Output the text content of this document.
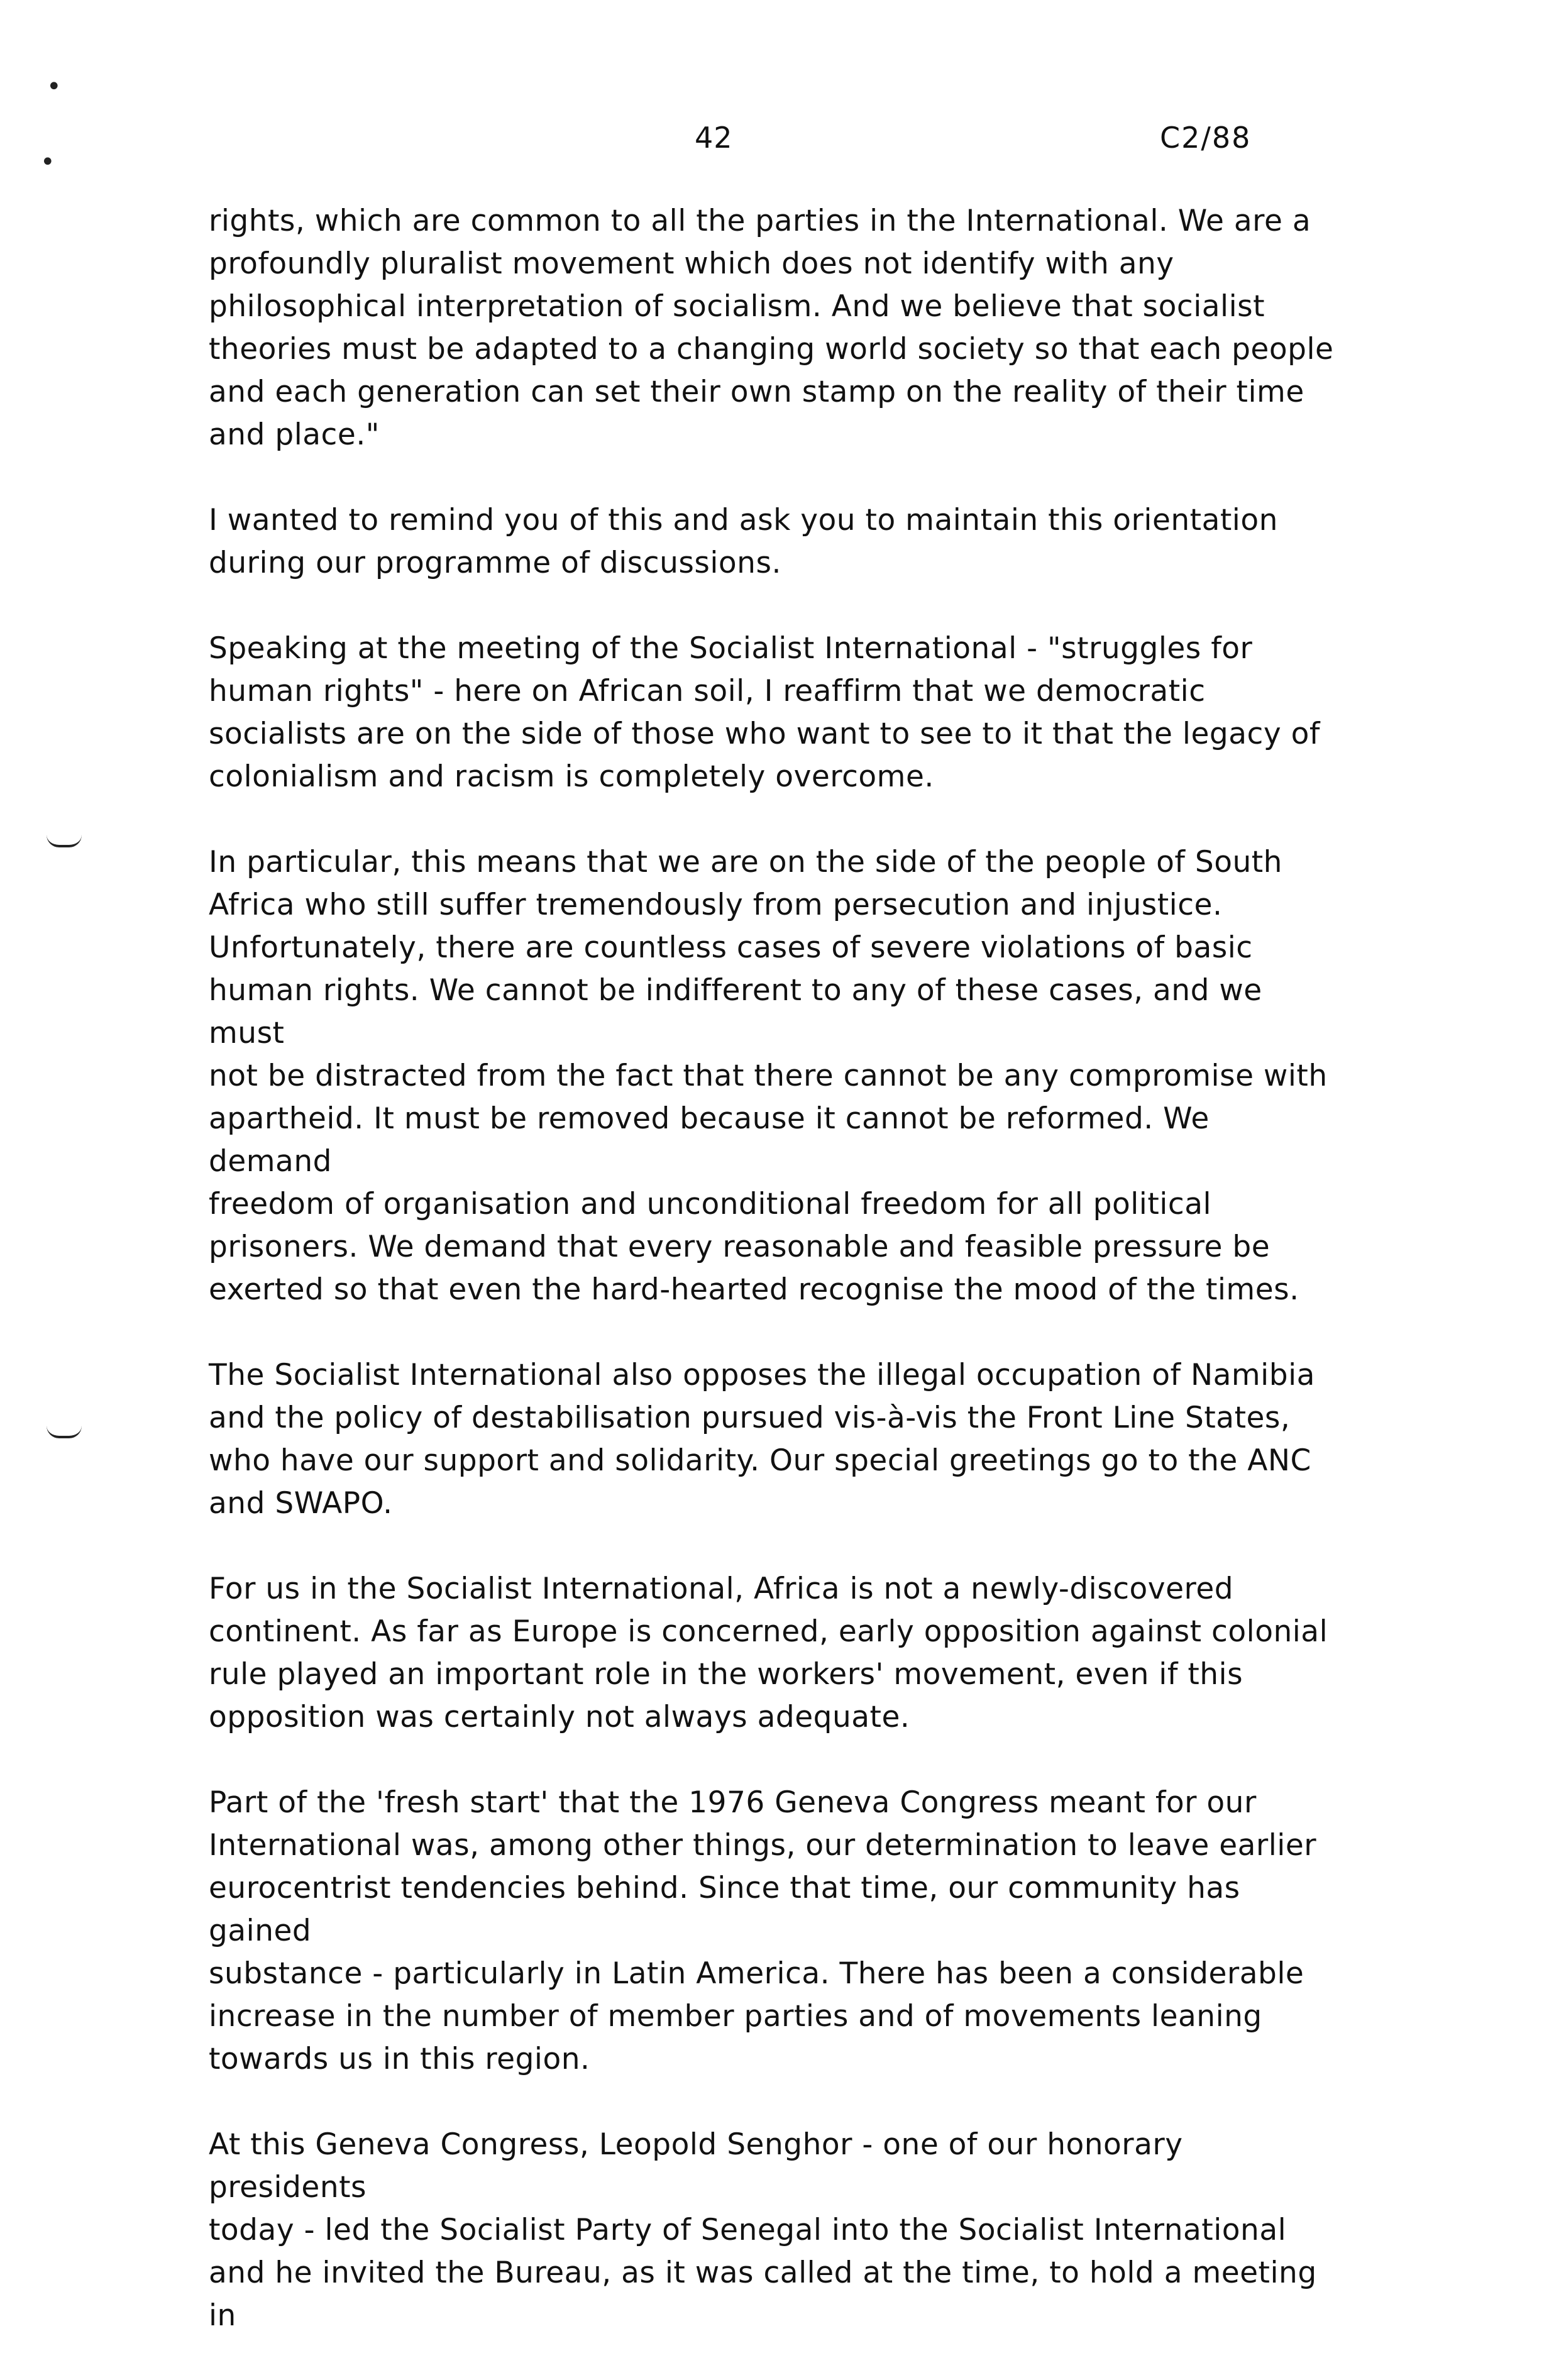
•
•
42	C2/88

rights, which are common to all the parties in the International. We are a
profoundly pluralist movement which does not identify with any
philosophical interpretation of socialism. And we believe that socialist
theories must be adapted to a changing world society so that each people
and each generation can set their own stamp on the reality of their time
and place."

I wanted to remind you of this and ask you to maintain this orientation
during our programme of discussions.

Speaking at the meeting of the Socialist International - "struggles for
human rights" - here on African soil, I reaffirm that we democratic
socialists are on the side of those who want to see to it that the legacy of
colonialism and racism is completely overcome.

In particular, this means that we are on the side of the people of South
Africa who still suffer tremendously from persecution and injustice.
Unfortunately, there are countless cases of severe violations of basic
human rights. We cannot be indifferent to any of these cases, and we must
not be distracted from the fact that there cannot be any compromise with
apartheid. It must be removed because it cannot be reformed. We demand
freedom of organisation and unconditional freedom for all political
prisoners. We demand that every reasonable and feasible pressure be
exerted so that even the hard-hearted recognise the mood of the times.

The Socialist International also opposes the illegal occupation of Namibia
and the policy of destabilisation pursued vis-à-vis the Front Line States,
who have our support and solidarity. Our special greetings go to the ANC
and SWAPO.

For us in the Socialist International, Africa is not a newly-discovered
continent. As far as Europe is concerned, early opposition against colonial
rule played an important role in the workers' movement, even if this
opposition was certainly not always adequate.

Part of the 'fresh start' that the 1976 Geneva Congress meant for our
International was, among other things, our determination to leave earlier
eurocentrist tendencies behind. Since that time, our community has gained
substance - particularly in Latin America. There has been a considerable
increase in the number of member parties and of movements leaning
towards us in this region.

At this Geneva Congress, Leopold Senghor - one of our honorary presidents
today - led the Socialist Party of Senegal into the Socialist International
and he invited the Bureau, as it was called at the time, to hold a meeting in
